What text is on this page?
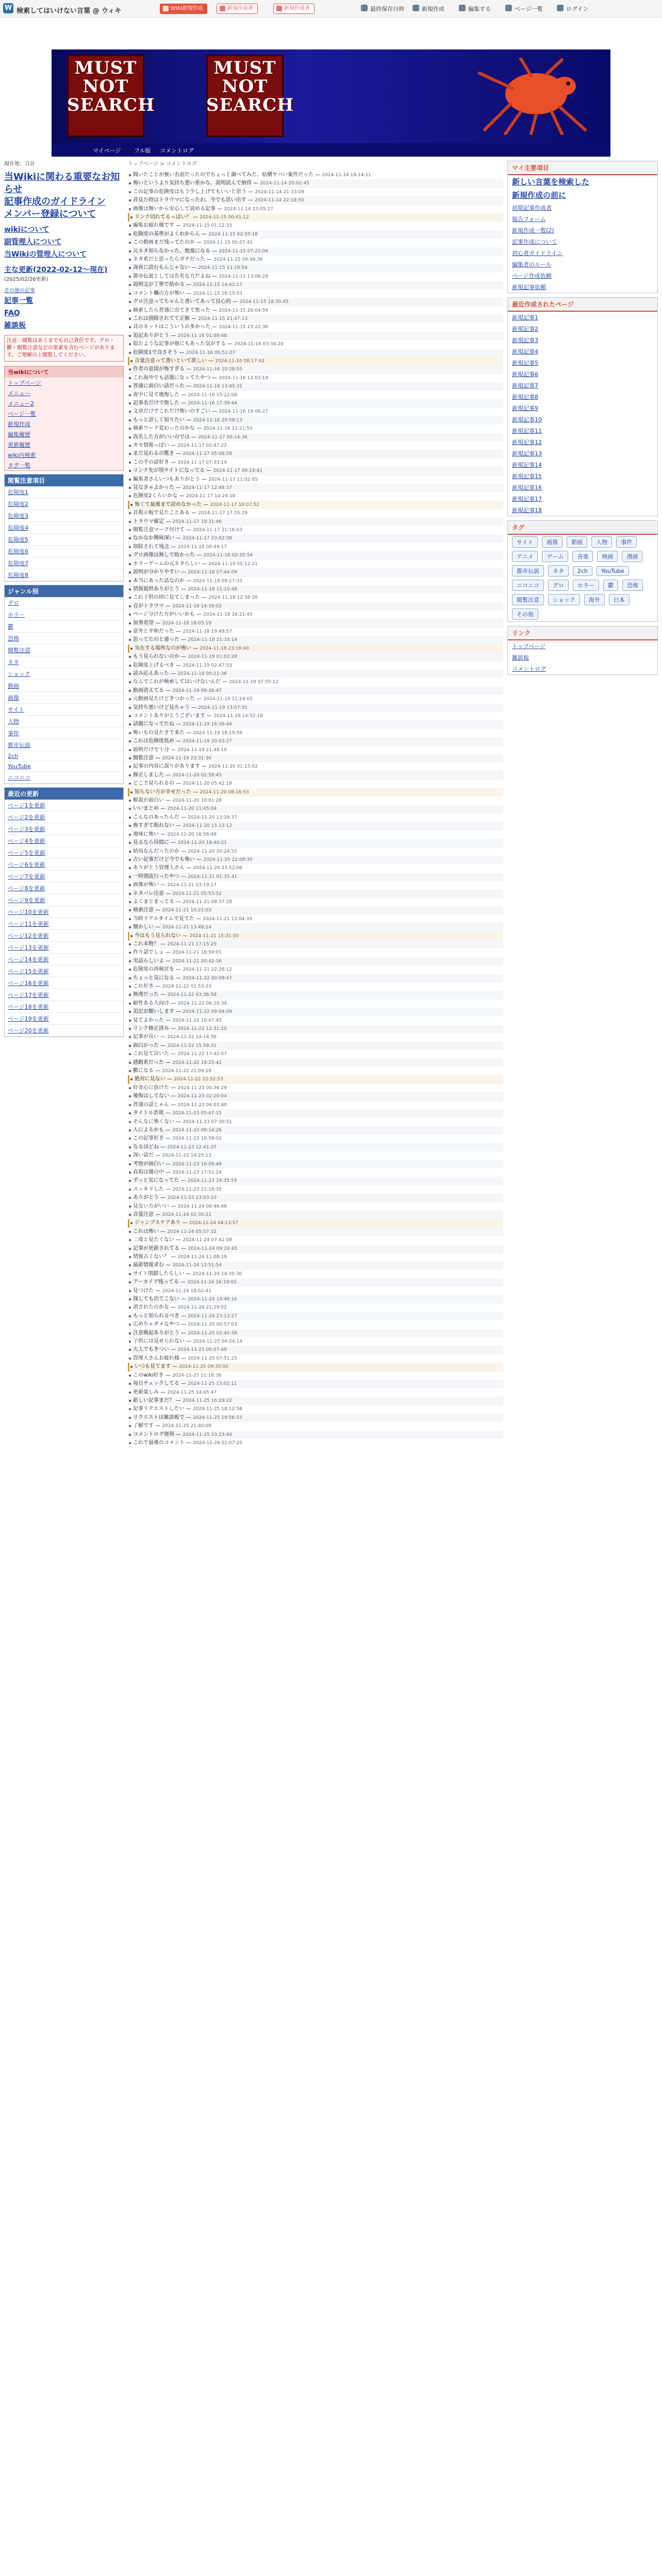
W 検索してはいけない言葉 @ ウィキ	WIKI新規作成	新規作成者	新規作成者	最終保存日時	新規作成	編集する	ページ一覧	ログイン
MUST
NOT
SEARCH
MUST
NOT
SEARCH
マイページ フル版 コメントログ
現在地：合計
当Wikiに関わる重要なお知らせ
記事作成のガイドライン
メンバー登録について
wikiについて
副管理人について
当Wikiの管理人について
主な更新(2022-02-12～現在)
(2025/02/26更新)
その他の記事
記事一覧
FAQ
雑談板
注意：閲覧はあくまでも自己責任です。グロ・鬱・閲覧注意などの要素を含むページがあります。ご理解の上閲覧してください。
当wikiについて
トップページ
メニュー
メニュー2
ページ一覧
新規作成
編集履歴
更新履歴
wiki内検索
タグ一覧
閲覧注意項目
危険度1
危険度2
危険度3
危険度4
危険度5
危険度6
危険度7
危険度8
ジャンル別
グロ
ホラー
鬱
恐怖
閲覧注意
ネタ
ショック
動画
画像
サイト
人物
事件
都市伝説
2ch
YouTube
ニコニコ
最近の更新
ページ1を更新
ページ2を更新
ページ3を更新
ページ4を更新
ページ5を更新
ページ6を更新
ページ7を更新
ページ8を更新
ページ9を更新
ページ10を更新
ページ11を更新
ページ12を更新
ページ13を更新
ページ14を更新
ページ15を更新
ページ16を更新
ページ17を更新
ページ18を更新
ページ19を更新
ページ20を更新
トップページ > コメントログ
聞いたことが無い名前だったのでちょっと調べてみた。結構ヤバい案件だった — 2024-11-14 19:14:11
怖いというより気持ち悪い系かな、説明読んで納得 — 2024-11-14 20:02:45
この記事の危険度はもう少し上げてもいいと思う — 2024-11-14 21:33:09
昔見た時はトラウマになったわ、今でも思い出す — 2024-11-14 22:18:50
画像は無いから安心して読める記事 — 2024-11-14 23:05:27
リンク切れてるっぽい？ — 2024-11-15 00:41:12
編集お疲れ様です — 2024-11-15 01:12:33
危険度の基準がよくわからん — 2024-11-15 02:55:18
この動画まだ残ってたのか — 2024-11-15 05:07:41
元ネタ知らなかった、勉強になる — 2024-11-15 07:22:09
ネタ系だと思ったらガチだった — 2024-11-15 09:48:36
深夜に読むもんじゃない — 2024-11-15 11:19:54
都市伝説としては有名な方だよね — 2024-11-15 13:06:28
説明文が丁寧で助かる — 2024-11-15 14:42:17
コメント欄の方が怖い — 2024-11-15 16:15:03
グロ注意ってちゃんと書いてあって良心的 — 2024-11-15 18:30:45
検索したら普通に出てきて焦った — 2024-11-15 20:04:59
これは削除されてて正解 — 2024-11-15 21:47:13
昔のネットはこういうの多かった — 2024-11-15 23:22:36
追記ありがとう — 2024-11-16 01:09:48
似たような記事が他にもあった気がする — 2024-11-16 03:34:20
危険度1で良さそう — 2024-11-16 06:51:07
音量注意って書いといて欲しい — 2024-11-16 08:17:42
作者の意図が怖すぎる — 2024-11-16 10:28:55
これ海外でも話題になってたやつ — 2024-11-16 12:03:19
普通に面白い話だった — 2024-11-16 13:45:31
夜中に見て後悔した — 2024-11-16 15:12:08
記事名だけで察した — 2024-11-16 17:39:44
文章だけでこれだけ怖いのすごい — 2024-11-16 19:06:27
もっと詳しく知りたい — 2024-11-16 20:58:13
検索ワード変わったのかな — 2024-11-16 22:21:50
改名した方がいいのでは — 2024-11-17 00:14:36
ガセ情報っぽい — 2024-11-17 02:47:22
まだ見れるの驚き — 2024-11-17 05:08:59
この手の話好き — 2024-11-17 07:33:14
リンク先が別サイトになってる — 2024-11-17 09:19:41
編集者さんいつもありがとう — 2024-11-17 11:02:05
見なきゃよかった — 2024-11-17 12:48:37
危険度2くらいかな — 2024-11-17 14:24:18
怖くて最後まで読めなかった — 2024-11-17 16:07:52
昔掲示板で見たことある — 2024-11-17 17:55:29
トラウマ確定 — 2024-11-17 19:31:46
閲覧注意マーク付けて — 2024-11-17 21:16:03
なかなか興味深い — 2024-11-17 23:02:38
削除されて残念 — 2024-11-18 00:49:17
グロ画像は無しで助かった — 2024-11-18 02:35:54
ホラーゲームの元ネタらしい — 2024-11-18 05:12:21
説明が分かりやすい — 2024-11-18 07:44:09
本当にあった話なのか — 2024-11-18 09:27:33
情報提供ありがとう — 2024-11-18 11:10:48
これ子供の頃に見てしまった — 2024-11-18 12:58:26
音がトラウマ — 2024-11-18 14:39:02
ページ分けた方がいいかも — 2024-11-18 16:21:45
加筆希望 — 2024-11-18 18:05:19
意外と平和だった — 2024-11-18 19:48:57
思ってたのと違った — 2024-11-18 21:33:14
実在する場所なのが怖い — 2024-11-18 23:16:40
もう見られないのか — 2024-11-19 01:02:28
危険度上げるべき — 2024-11-19 02:47:53
読み応えあった — 2024-11-19 05:21:36
なんでこれが検索してはいけないんだ — 2024-11-19 07:55:12
動画消えてる — 2024-11-19 09:38:47
元動画見たけどきつかった — 2024-11-19 11:24:05
気持ち悪いけど見ちゃう — 2024-11-19 13:07:31
コメントありがとうございます — 2024-11-19 14:52:18
話題になってたね — 2024-11-19 16:36:44
怖いもの見たさで来た — 2024-11-19 18:19:59
これは危険度低め — 2024-11-19 20:03:27
説明だけで十分 — 2024-11-19 21:48:10
閲覧注意 — 2024-11-19 23:31:36
記事の内容に誤りがあります — 2024-11-20 01:15:02
修正しました — 2024-11-20 02:58:45
どこで見られるの — 2024-11-20 05:42:19
知らない方が幸せだった — 2024-11-20 08:16:53
解説が面白い — 2024-11-20 10:01:28
いいまとめ — 2024-11-20 11:45:04
こんなのあったんだ — 2024-11-20 13:29:37
怖すぎて眠れない — 2024-11-20 15:13:12
地味に怖い — 2024-11-20 16:56:48
見るなら昼間に — 2024-11-20 18:40:21
結局なんだったのか — 2024-11-20 20:24:55
古い記事だけど今でも怖い — 2024-11-20 22:08:30
ありがとう管理人さん — 2024-11-20 23:52:06
一時期流行ったやつ — 2024-11-21 01:35:41
画像が怖い — 2024-11-21 03:19:17
ネタバレ注意 — 2024-11-21 05:53:52
よくまとまってる — 2024-11-21 08:37:28
検索注意 — 2024-11-21 10:21:03
当時リアルタイムで見てた — 2024-11-21 12:04:39
懐かしい — 2024-11-21 13:48:14
今はもう見られない — 2024-11-21 15:31:50
これ本物？ — 2024-11-21 17:15:25
作り話でしょ — 2024-11-21 18:59:01
実話らしいよ — 2024-11-21 20:42:36
危険度の再検討を — 2024-11-21 22:26:12
ちょっと気になる — 2024-11-22 00:09:47
これ好き — 2024-11-22 01:53:23
無理だった — 2024-11-22 03:36:58
耐性ある人向け — 2024-11-22 06:20:34
追記お願いします — 2024-11-22 09:04:09
見てよかった — 2024-11-22 10:47:45
リンク修正済み — 2024-11-22 12:31:20
記事が長い — 2024-11-22 14:14:56
面白かった — 2024-11-22 15:58:31
これ見て泣いた — 2024-11-22 17:42:07
感動系だった — 2024-11-22 19:25:42
鬱になる — 2024-11-22 21:09:18
絶対に見ない — 2024-11-22 22:52:53
好奇心に負けた — 2024-11-23 00:36:29
後悔はしてない — 2024-11-23 02:20:04
普通の話じゃん — 2024-11-23 04:03:40
タイトル詐欺 — 2024-11-23 05:47:15
そんなに怖くない — 2024-11-23 07:30:51
人によるかも — 2024-11-23 09:14:26
この記事好き — 2024-11-23 10:58:02
なるほどね — 2024-11-23 12:41:37
深い話だ — 2024-11-23 14:25:13
考察が面白い — 2024-11-23 16:08:48
真相は闇の中 — 2024-11-23 17:52:24
ずっと気になってた — 2024-11-23 19:35:59
スッキリした — 2024-11-23 21:19:35
ありがとう — 2024-11-23 23:03:10
見ない方がいい — 2024-11-24 00:46:46
音量注意 — 2024-11-24 02:30:21
ジャンプスケアあり — 2024-11-24 04:13:57
これは怖い — 2024-11-24 05:57:32
二度と見たくない — 2024-11-24 07:41:08
記事が更新されてる — 2024-11-24 09:24:43
情報古くない？ — 2024-11-24 11:08:19
最新情報求む — 2024-11-24 12:51:54
サイト閉鎖したらしい — 2024-11-24 14:35:30
アーカイブ残ってる — 2024-11-24 16:19:05
見つけた — 2024-11-24 18:02:41
探しても出てこない — 2024-11-24 19:46:16
消されたのかな — 2024-11-24 21:29:52
もっと知られるべき — 2024-11-24 23:13:27
広めちゃダメなやつ — 2024-11-25 00:57:03
注意喚起ありがとう — 2024-11-25 02:40:38
子供には見せられない — 2024-11-25 04:24:14
大人でもきつい — 2024-11-25 06:07:49
管理人さんお疲れ様 — 2024-11-25 07:51:25
いつも見てます — 2024-11-25 09:35:00
このwiki好き — 2024-11-25 11:18:36
毎日チェックしてる — 2024-11-25 13:02:11
更新楽しみ — 2024-11-25 14:45:47
新しい記事まだ？ — 2024-11-25 16:29:22
記事リクエストしたい — 2024-11-25 18:12:58
リクエストは雑談板で — 2024-11-25 19:56:33
了解です — 2024-11-25 21:40:09
コメントログ便利 — 2024-11-25 23:23:44
これで最後のコメント — 2024-11-26 01:07:20
マイ主要項目
新しい言葉を検索した
新規作成の前に
初期記事作成者
報告フォーム
新規作成一覧(2)
記事作成について
初心者ガイドライン
編集者のルール
ページ作成依頼
新規記事依頼
最近作成されたページ
新規記事1
新規記事2
新規記事3
新規記事4
新規記事5
新規記事6
新規記事7
新規記事8
新規記事9
新規記事10
新規記事11
新規記事12
新規記事13
新規記事14
新規記事15
新規記事16
新規記事17
新規記事18
タグ
サイト 画像 動画 人物 事件アニメ ゲーム 音楽 映画 漫画都市伝説 ネタ 2ch YouTubeニコニコ グロ ホラー 鬱 恐怖閲覧注意 ショック 海外 日本その他
リンク
トップページ
雑談板
コメントログ
